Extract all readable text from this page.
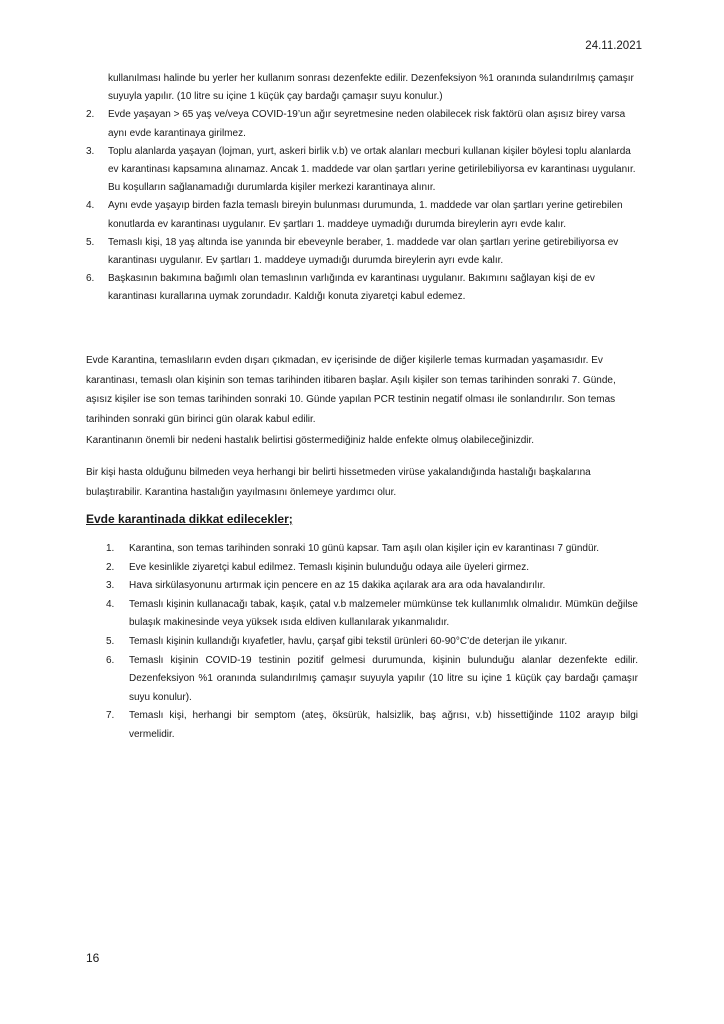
24.11.2021
kullanılması halinde bu yerler her kullanım sonrası dezenfekte edilir. Dezenfeksiyon %1 oranında sulandırılmış çamaşır suyuyla yapılır. (10 litre su içine 1 küçük çay bardağı çamaşır suyu konulur.)
2.	Evde yaşayan > 65 yaş ve/veya COVID-19’un ağır seyretmesine neden olabilecek risk faktörü olan aşısız birey varsa aynı evde karantinaya girilmez.
3.	Toplu alanlarda yaşayan (lojman, yurt, askeri birlik v.b) ve ortak alanları mecburi kullanan kişiler böylesi toplu alanlarda ev karantinası kapsamına alınamaz. Ancak 1. maddede var olan şartları yerine getirilebiliyorsa ev karantinası uygulanır.
Bu koşulların sağlanamadığı durumlarda kişiler merkezi karantinaya alınır.
4.	Aynı evde yaşayıp birden fazla temaslı bireyin bulunması durumunda, 1. maddede var olan şartları yerine getirebilen konutlarda ev karantinası uygulanır. Ev şartları 1. maddeye uymadığı durumda bireylerin ayrı evde kalır.
5.	Temaslı kişi, 18 yaş altında ise yanında bir ebeveynle beraber, 1. maddede var olan şartları yerine getirebiliyorsa ev karantinası uygulanır. Ev şartları 1. maddeye uymadığı durumda bireylerin ayrı evde kalır.
6.	Başkasının bakımına bağımlı olan temaslının varlığında ev karantinası uygulanır. Bakımını sağlayan kişi de ev karantinası kurallarına uymak zorundadır. Kaldığı konuta ziyaretçi kabul edemez.

Evde Karantina, temaslıların evden dışarı çıkmadan, ev içerisinde de diğer kişilerle temas kurmadan yaşamasıdır. Ev karantinası, temaslı olan kişinin son temas tarihinden itibaren başlar. Aşılı kişiler son temas tarihinden sonraki 7. Günde, aşısız kişiler ise son temas tarihinden sonraki 10. Günde yapılan PCR testinin negatif olması ile sonlandırılır. Son temas tarihinden sonraki gün birinci gün olarak kabul edilir.

Karantinanın önemli bir nedeni hastalık belirtisi göstermediğiniz halde enfekte olmuş olabileceğinizdir.

Bir kişi hasta olduğunu bilmeden veya herhangi bir belirti hissetmeden virüse yakalandığında hastalığı başkalarına bulaştırabilir. Karantina hastalığın yayılmasını önlemeye yardımcı olur.

Evde karantinada dikkat edilecekler;
1.	Karantina, son temas tarihinden sonraki 10 günü kapsar. Tam aşılı olan kişiler için ev karantinası 7 gündür.
2.	Eve kesinlikle ziyaretçi kabul edilmez. Temaslı kişinin bulunduğu odaya aile üyeleri girmez.
3.	Hava sirkülasyonunu artırmak için pencere en az 15 dakika açılarak ara ara oda havalandırılır.
4.	Temaslı kişinin kullanacağı tabak, kaşık, çatal v.b malzemeler mümkünse tek kullanımlık olmalıdır. Mümkün değilse bulaşık makinesinde veya yüksek ısıda eldiven kullanılarak yıkanmalıdır.
5.	Temaslı kişinin kullandığı kıyafetler, havlu, çarşaf gibi tekstil ürünleri 60-90°C’de deterjan ile yıkanır.
6.	Temaslı kişinin COVID-19 testinin pozitif gelmesi durumunda, kişinin bulunduğu alanlar dezenfekte edilir. Dezenfeksiyon %1 oranında sulandırılmış çamaşır suyuyla yapılır (10 litre su içine 1 küçük çay bardağı çamaşır suyu konulur).
7.	Temaslı kişi, herhangi bir semptom (ateş, öksürük, halsizlik, baş ağrısı, v.b) hissettiğinde 1102 arayıp bilgi vermelidir.
16
